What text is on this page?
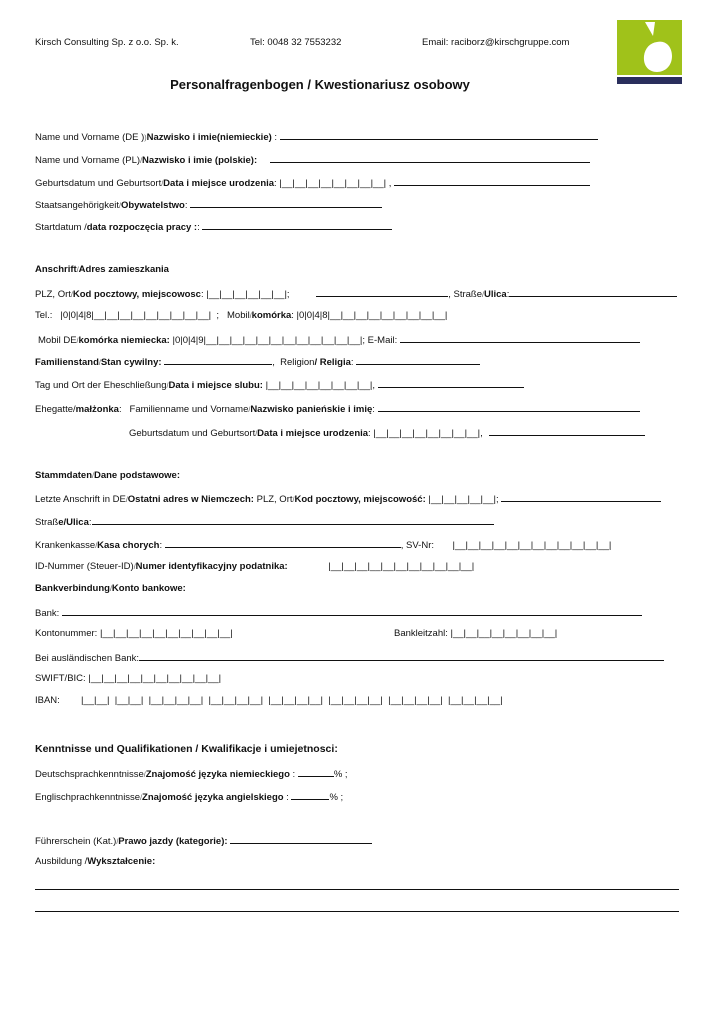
Kirsch Consulting Sp. z o.o. Sp. k.	Tel: 0048 32 7553232	Email: raciborz@kirschgruppe.com
Personalfragenbogen / Kwestionariusz osobowy
Name und Vorname (DE ))Nazwisko i imie(niemieckie) :
Name und Vorname (PL)/Nazwisko i imie (polskie):
Geburtsdatum und Geburtsort/Data i miejsce urodzenia: |__|__|__|__|__|__|__|__| ,
Staatsangehörigkeit/Obywatelstwo:
Startdatum /data rozpoczęcia pracy ::
Anschrift/Adres zamieszkania
PLZ, Ort/Kod pocztowy, miejscowosc: |__|__|__|__|__|__|;	, Straße/Ulica:
Tel.: |0|0|4|8|__|__|__|__|__|__|__|__|__|  ;   Mobil/komórka: |0|0|4|8|__|__|__|__|__|__|__|__|__|
Mobil DE/komórka niemiecka: |0|0|4|9|__|__|__|__|__|__|__|__|__|__|__|__|; E-Mail:
Familienstand/Stan cywilny:	,  Religion/ Religia:
Tag und Ort der Eheschließung/Data i miejsce slubu: |__|__|__|__|__|__|__|__|,
Ehegatte/małżonka:   Familienname und Vorname/Nazwisko panieńskie i imię:
Geburtsdatum und Geburtsort/Data i miejsce urodzenia: |__|__|__|__|__|__|__|__|,
Stammdaten/Dane podstawowe:
Letzte Anschrift in DE/Ostatni adres w Niemczech: PLZ, Ort/Kod pocztowy, miejscowość: |__|__|__|__|__|;
Straße/Ulica:
Krankenkasse/Kasa chorych:	, SV-Nr: |__|__|__|__|__|__|__|__|__|__|__|__|
ID-Nummer (Steuer-ID)/Numer identyfikacyjny podatnika:	|__|__|__|__|__|__|__|__|__|__|__|
Bankverbindung/Konto bankowe:
Bank:
Kontonummer: |__|__|__|__|__|__|__|__|__|__|	Bankleitzahl: |__|__|__|__|__|__|__|__|
Bei ausländischen Bank:
SWIFT/BIC: |__|__|__|__|__|__|__|__|__|__|
IBAN: |__|__|  |__|__|  |__|__|__|__|  |__|__|__|__|  |__|__|__|__|  |__|__|__|__|  |__|__|__|__|  |__|__|__|__|
Kenntnisse und Qualifikationen / Kwalifikacje i umiejetnosci:
Deutschsprachkenntnisse/Znajomość języka niemieckiego :	% ;
Englischprachkenntnisse/Znajomość języka angielskiego :	% ;
Führerschein (Kat.)/Prawo jazdy (kategorie):
Ausbildung /Wykształcenie:
